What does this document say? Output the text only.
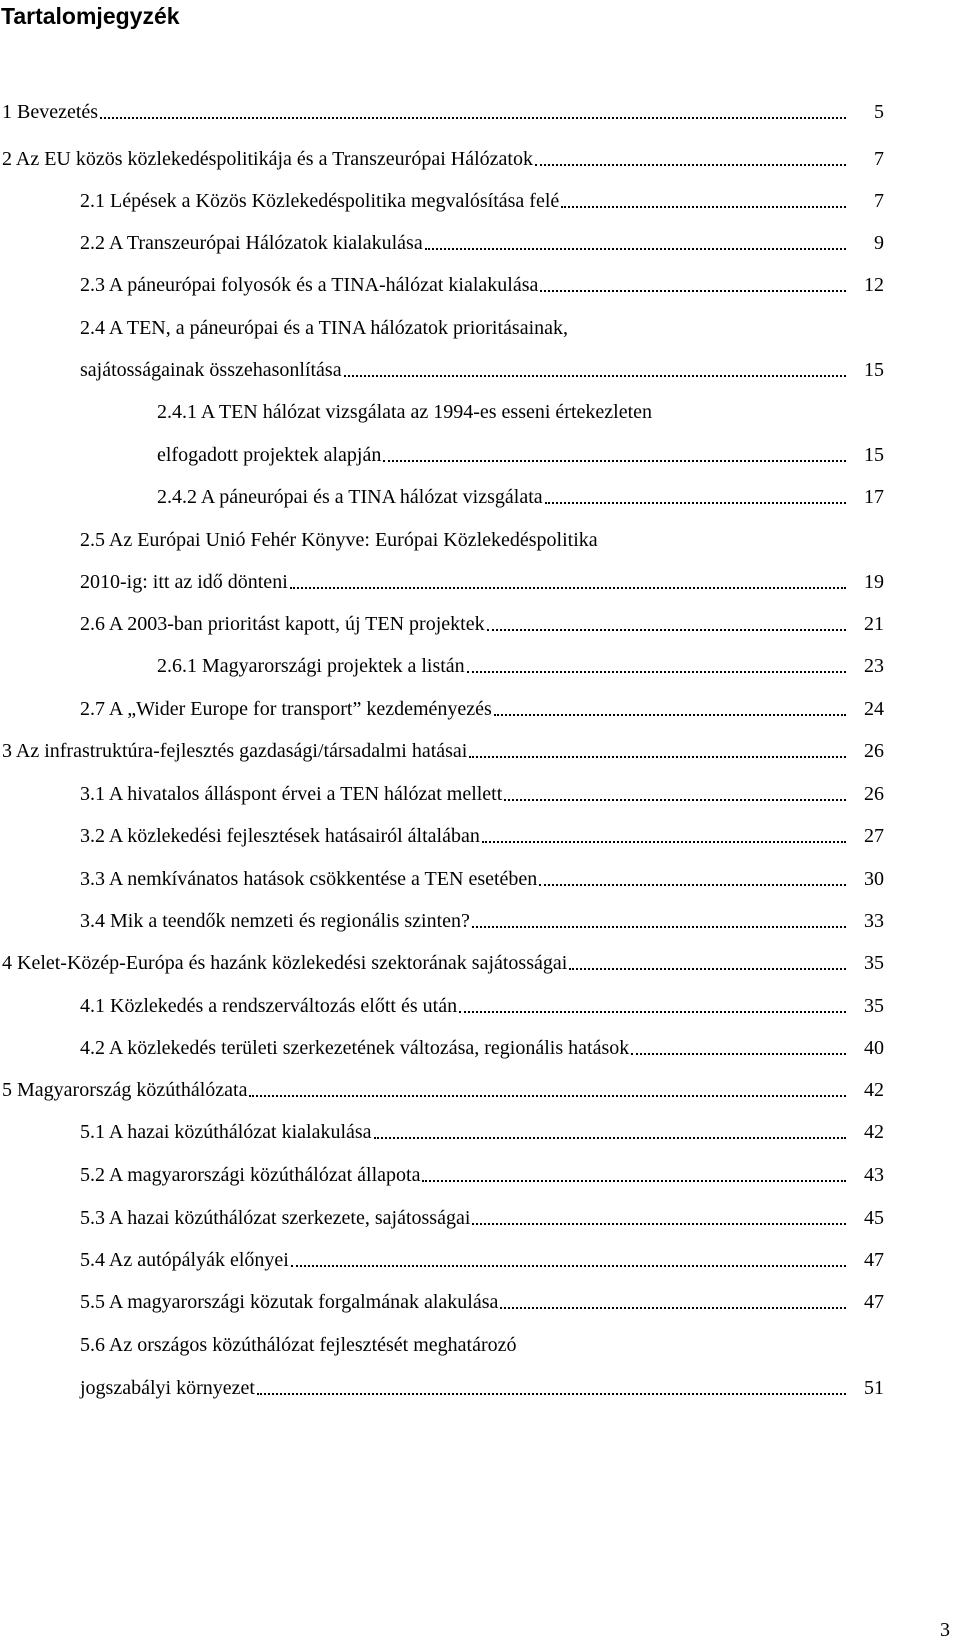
Tartalomjegyzék
1 Bevezetés	5
2 Az EU közös közlekedéspolitikája és a Transzeurópai Hálózatok	7
2.1 Lépések a Közös Közlekedéspolitika megvalósítása felé	7
2.2 A Transzeurópai Hálózatok kialakulása	9
2.3 A páneurópai folyosók és a TINA-hálózat kialakulása	12
2.4 A TEN, a páneurópai és a TINA hálózatok prioritásainak,
sajátosságainak összehasonlítása	15
2.4.1 A TEN hálózat vizsgálata az 1994-es esseni értekezleten
elfogadott projektek alapján	15
2.4.2 A páneurópai és a TINA hálózat vizsgálata	17
2.5 Az Európai Unió Fehér Könyve: Európai Közlekedéspolitika
2010-ig: itt az idő dönteni	19
2.6 A 2003-ban prioritást kapott, új TEN projektek	21
2.6.1 Magyarországi projektek a listán	23
2.7 A „Wider Europe for transport” kezdeményezés	24
3 Az infrastruktúra-fejlesztés gazdasági/társadalmi hatásai	26
3.1 A hivatalos álláspont érvei a TEN hálózat mellett	26
3.2 A közlekedési fejlesztések hatásairól általában	27
3.3 A nemkívánatos hatások csökkentése a TEN esetében	30
3.4 Mik a teendők nemzeti és regionális szinten?	33
4 Kelet-Közép-Európa és hazánk közlekedési szektorának sajátosságai	35
4.1 Közlekedés a rendszerváltozás előtt és után	35
4.2 A közlekedés területi szerkezetének változása, regionális hatások	40
5 Magyarország közúthálózata	42
5.1 A hazai közúthálózat kialakulása	42
5.2 A magyarországi közúthálózat állapota	43
5.3 A hazai közúthálózat szerkezete, sajátosságai	45
5.4 Az autópályák előnyei	47
5.5 A magyarországi közutak forgalmának alakulása	47
5.6 Az országos közúthálózat fejlesztését meghatározó
jogszabályi környezet	51
3
